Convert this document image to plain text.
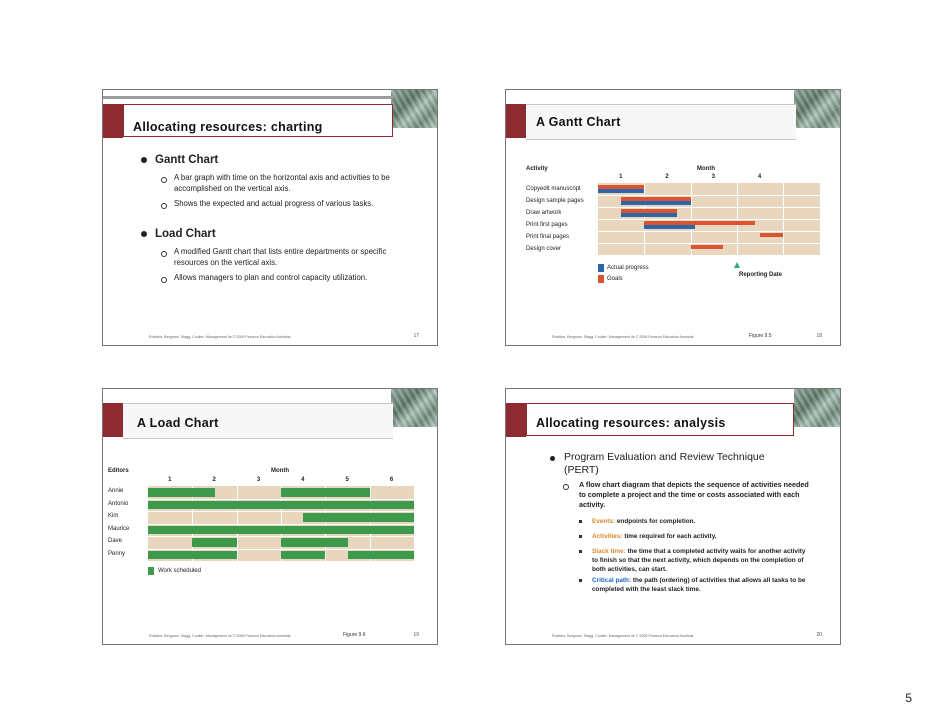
Allocating resources: charting
Gantt Chart
A bar graph with time on the horizontal axis and activities to be accomplished on the vertical axis.
Shows the expected and actual progress of various tasks.
Load Chart
A modified Gantt chart that lists entire departments or specific resources on the vertical axis.
Allows managers to plan and control capacity utilization.
Robbins, Bergman, Stagg, Coulter: Management 4e © 2006 Pearson Education Australia	17
A Gantt Chart
Activity	Month
1	2	3	4
Copyedit manuscript
Design sample pages
Draw artwork
Print first pages
Print final pages
Design cover
Actual progress
Goals
Reporting Date
Robbins, Bergman, Stagg, Coulter: Management 4e © 2006 Pearson Education Australia	Figure 9.5	18
A Load Chart
Editors	Month
1	2	3	4	5	6
Annie
Antonio
Kim
Maurice
Dave
Penny
Work scheduled
Robbins, Bergman, Stagg, Coulter: Management 4e © 2006 Pearson Education Australia	Figure 9.6	19
Allocating resources: analysis
Program Evaluation and Review Technique (PERT)
A flow chart diagram that depicts the sequence of activities needed to complete a project and the time or costs associated with each activity.
Events: endpoints for completion.
Activities: time required for each activity.
Slack time: the time that a completed activity waits for another activity to finish so that the next activity, which depends on the completion of both activities, can start.
Critical path: the path (ordering) of activities that allows all tasks to be completed with the least slack time.
Robbins, Bergman, Stagg, Coulter: Management 4e © 2006 Pearson Education Australia	20
5
